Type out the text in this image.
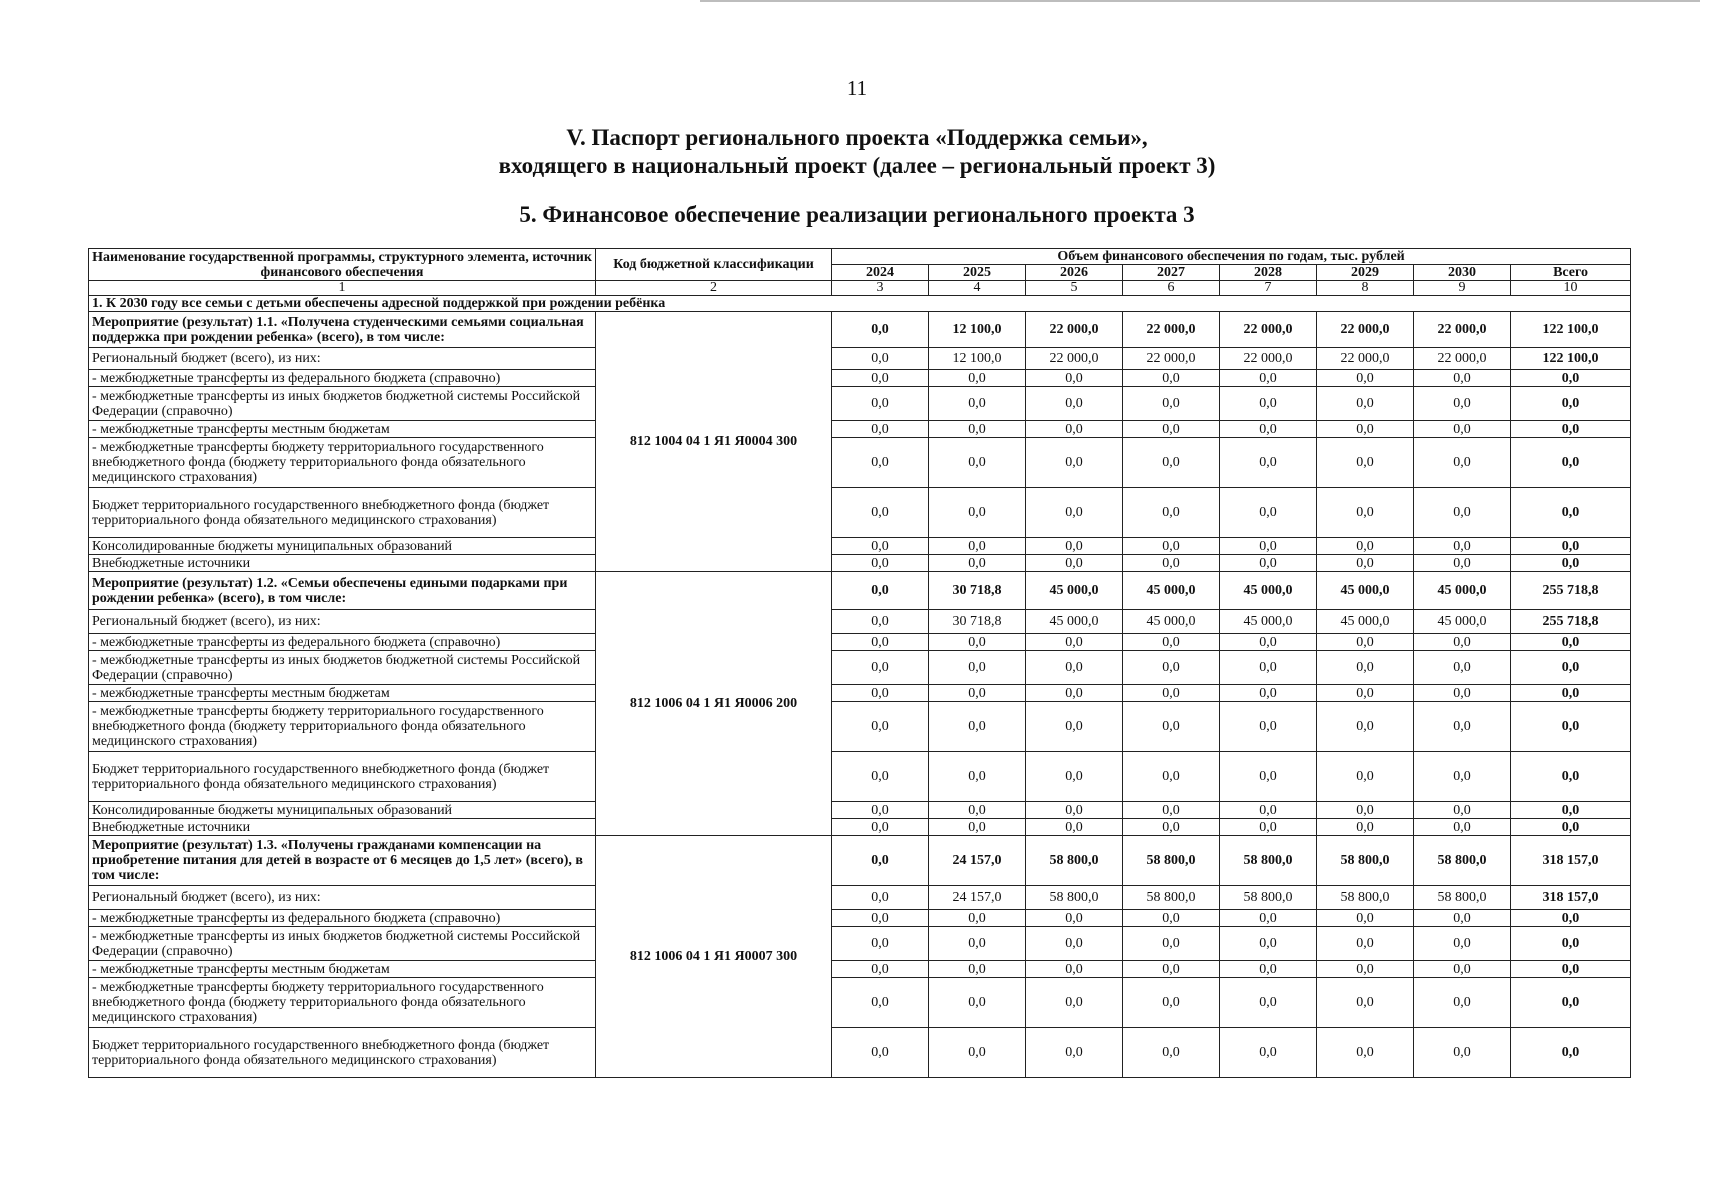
11
V. Паспорт регионального проекта «Поддержка семьи»,
входящего в национальный проект (далее – региональный проект 3)
5. Финансовое обеспечение реализации регионального проекта 3
Наименование государственной программы, структурного элемента, источник финансового обеспечения	Код бюджетной классификации	Объем финансового обеспечения по годам, тыс. рублей							
		2024	2025	2026	2027	2028	2029	2030	Всего
1	2	3	4	5	6	7	8	9	10
1. К 2030 году все семьи с детьми обеспечены адресной поддержкой при рождении ребёнка									
Мероприятие (результат) 1.1. «Получена студенческими семьями социальная поддержка при рождении ребенка» (всего), в том числе:	812 1004 04 1 Я1 Я0004 300	0,0	12 100,0	22 000,0	22 000,0	22 000,0	22 000,0	22 000,0	122 100,0
Региональный бюджет (всего), из них:		0,0	12 100,0	22 000,0	22 000,0	22 000,0	22 000,0	22 000,0	122 100,0
- межбюджетные трансферты из федерального бюджета (справочно)		0,0	0,0	0,0	0,0	0,0	0,0	0,0	0,0
- межбюджетные трансферты из иных бюджетов бюджетной системы Российской Федерации (справочно)		0,0	0,0	0,0	0,0	0,0	0,0	0,0	0,0
- межбюджетные трансферты местным бюджетам		0,0	0,0	0,0	0,0	0,0	0,0	0,0	0,0
- межбюджетные трансферты бюджету территориального государственного внебюджетного фонда (бюджету территориального фонда обязательного медицинского страхования)		0,0	0,0	0,0	0,0	0,0	0,0	0,0	0,0
Бюджет территориального государственного внебюджетного фонда (бюджет территориального фонда обязательного медицинского страхования)		0,0	0,0	0,0	0,0	0,0	0,0	0,0	0,0
Консолидированные бюджеты муниципальных образований		0,0	0,0	0,0	0,0	0,0	0,0	0,0	0,0
Внебюджетные источники		0,0	0,0	0,0	0,0	0,0	0,0	0,0	0,0
Мероприятие (результат) 1.2. «Семьи обеспечены едиными подарками при рождении ребенка» (всего), в том числе:	812 1006 04 1 Я1 Я0006 200	0,0	30 718,8	45 000,0	45 000,0	45 000,0	45 000,0	45 000,0	255 718,8
Региональный бюджет (всего), из них:		0,0	30 718,8	45 000,0	45 000,0	45 000,0	45 000,0	45 000,0	255 718,8
- межбюджетные трансферты из федерального бюджета (справочно)		0,0	0,0	0,0	0,0	0,0	0,0	0,0	0,0
- межбюджетные трансферты из иных бюджетов бюджетной системы Российской Федерации (справочно)		0,0	0,0	0,0	0,0	0,0	0,0	0,0	0,0
- межбюджетные трансферты местным бюджетам		0,0	0,0	0,0	0,0	0,0	0,0	0,0	0,0
- межбюджетные трансферты бюджету территориального государственного внебюджетного фонда (бюджету территориального фонда обязательного медицинского страхования)		0,0	0,0	0,0	0,0	0,0	0,0	0,0	0,0
Бюджет территориального государственного внебюджетного фонда (бюджет территориального фонда обязательного медицинского страхования)		0,0	0,0	0,0	0,0	0,0	0,0	0,0	0,0
Консолидированные бюджеты муниципальных образований		0,0	0,0	0,0	0,0	0,0	0,0	0,0	0,0
Внебюджетные источники		0,0	0,0	0,0	0,0	0,0	0,0	0,0	0,0
Мероприятие (результат) 1.3. «Получены гражданами компенсации на приобретение питания для детей в возрасте от 6 месяцев до 1,5 лет» (всего), в том числе:	812 1006 04 1 Я1 Я0007 300	0,0	24 157,0	58 800,0	58 800,0	58 800,0	58 800,0	58 800,0	318 157,0
Региональный бюджет (всего), из них:		0,0	24 157,0	58 800,0	58 800,0	58 800,0	58 800,0	58 800,0	318 157,0
- межбюджетные трансферты из федерального бюджета (справочно)		0,0	0,0	0,0	0,0	0,0	0,0	0,0	0,0
- межбюджетные трансферты из иных бюджетов бюджетной системы Российской Федерации (справочно)		0,0	0,0	0,0	0,0	0,0	0,0	0,0	0,0
- межбюджетные трансферты местным бюджетам		0,0	0,0	0,0	0,0	0,0	0,0	0,0	0,0
- межбюджетные трансферты бюджету территориального государственного внебюджетного фонда (бюджету территориального фонда обязательного медицинского страхования)		0,0	0,0	0,0	0,0	0,0	0,0	0,0	0,0
Бюджет территориального государственного внебюджетного фонда (бюджет территориального фонда обязательного медицинского страхования)		0,0	0,0	0,0	0,0	0,0	0,0	0,0	0,0
